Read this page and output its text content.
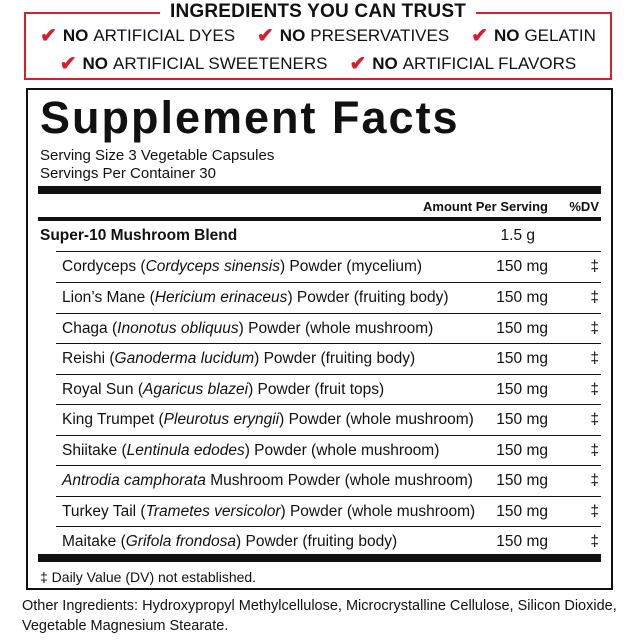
INGREDIENTS YOU CAN TRUST
✔ NO ARTIFICIAL DYES ✔ NO PRESERVATIVES ✔ NO GELATIN
✔ NO ARTIFICIAL SWEETENERS ✔ NO ARTIFICIAL FLAVORS
Supplement Facts
Serving Size 3 Vegetable Capsules
Servings Per Container 30
Amount Per Serving %DV
Super-10 Mushroom Blend	1.5 g
Cordyceps (Cordyceps sinensis) Powder (mycelium)	150 mg	‡
Lion’s Mane (Hericium erinaceus) Powder (fruiting body)	150 mg	‡
Chaga (Inonotus obliquus) Powder (whole mushroom)	150 mg	‡
Reishi (Ganoderma lucidum) Powder (fruiting body)	150 mg	‡
Royal Sun (Agaricus blazei) Powder (fruit tops)	150 mg	‡
King Trumpet (Pleurotus eryngii) Powder (whole mushroom) 150 mg	‡
Shiitake (Lentinula edodes) Powder (whole mushroom)	150 mg	‡
Antrodia camphorata Mushroom Powder (whole mushroom) 150 mg	‡
Turkey Tail (Trametes versicolor) Powder (whole mushroom) 150 mg	‡
Maitake (Grifola frondosa) Powder (fruiting body)	150 mg	‡
‡ Daily Value (DV) not established.
Other Ingredients: Hydroxypropyl Methylcellulose, Microcrystalline Cellulose, Silicon Dioxide, Vegetable Magnesium Stearate.
